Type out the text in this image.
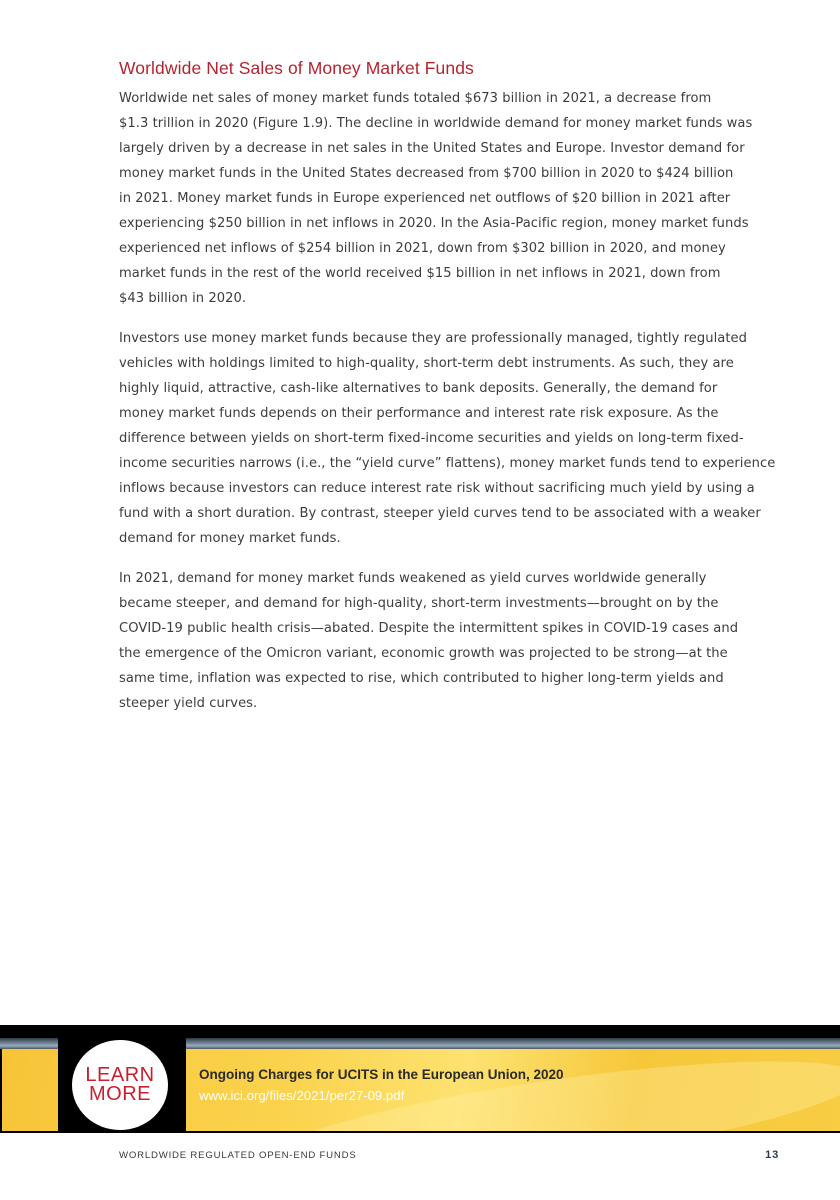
Worldwide Net Sales of Money Market Funds
Worldwide net sales of money market funds totaled $673 billion in 2021, a decrease from
$1.3 trillion in 2020 (Figure 1.9). The decline in worldwide demand for money market funds was
largely driven by a decrease in net sales in the United States and Europe. Investor demand for
money market funds in the United States decreased from $700 billion in 2020 to $424 billion
in 2021. Money market funds in Europe experienced net outflows of $20 billion in 2021 after
experiencing $250 billion in net inflows in 2020. In the Asia-Pacific region, money market funds
experienced net inflows of $254 billion in 2021, down from $302 billion in 2020, and money
market funds in the rest of the world received $15 billion in net inflows in 2021, down from
$43 billion in 2020.
Investors use money market funds because they are professionally managed, tightly regulated
vehicles with holdings limited to high-quality, short-term debt instruments. As such, they are
highly liquid, attractive, cash-like alternatives to bank deposits. Generally, the demand for
money market funds depends on their performance and interest rate risk exposure. As the
difference between yields on short-term fixed-income securities and yields on long-term fixed-
income securities narrows (i.e., the “yield curve” flattens), money market funds tend to experience
inflows because investors can reduce interest rate risk without sacrificing much yield by using a
fund with a short duration. By contrast, steeper yield curves tend to be associated with a weaker
demand for money market funds.
In 2021, demand for money market funds weakened as yield curves worldwide generally
became steeper, and demand for high-quality, short-term investments—brought on by the
COVID-19 public health crisis—abated. Despite the intermittent spikes in COVID-19 cases and
the emergence of the Omicron variant, economic growth was projected to be strong—at the
same time, inflation was expected to rise, which contributed to higher long-term yields and
steeper yield curves.
LEARN
MORE
Ongoing Charges for UCITS in the European Union, 2020
www.ici.org/files/2021/per27-09.pdf
WORLDWIDE REGULATED OPEN-END FUNDS	13
